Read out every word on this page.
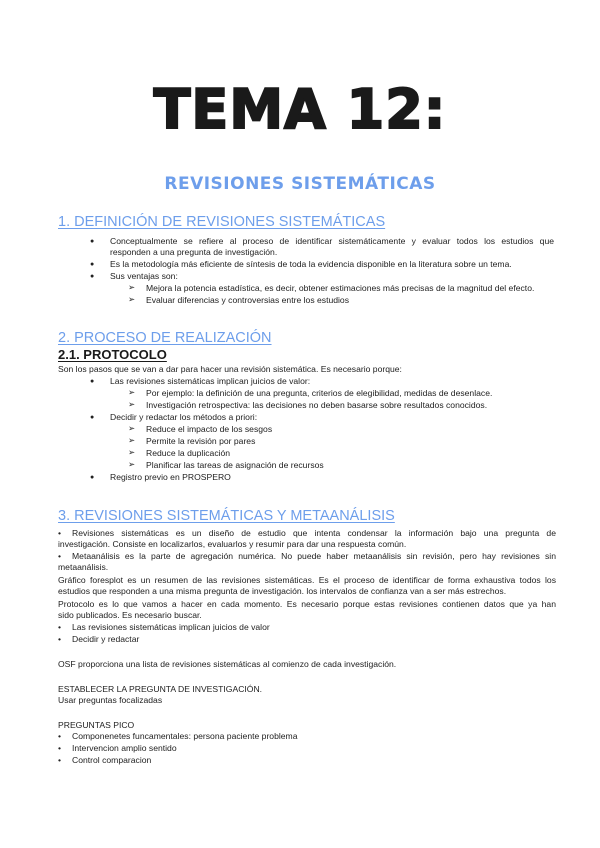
TEMA 12:
REVISIONES SISTEMÁTICAS
1. DEFINICIÓN DE REVISIONES SISTEMÁTICAS
● Conceptualmente se refiere al proceso de identificar sistemáticamente y evaluar todos los estudios que
responden a una pregunta de investigación.
● Es la metodología más eficiente de síntesis de toda la evidencia disponible en la literatura sobre un tema.
● Sus ventajas son:
➢ Mejora la potencia estadística, es decir, obtener estimaciones más precisas de la magnitud del efecto.
➢ Evaluar diferencias y controversias entre los estudios
2. PROCESO DE REALIZACIÓN
2.1. PROTOCOLO
Son los pasos que se van a dar para hacer una revisión sistemática. Es necesario porque:
● Las revisiones sistemáticas implican juicios de valor:
➢ Por ejemplo: la definición de una pregunta, criterios de elegibilidad, medidas de desenlace.
➢ Investigación retrospectiva: las decisiones no deben basarse sobre resultados conocidos.
● Decidir y redactar los métodos a priori:
➢ Reduce el impacto de los sesgos
➢ Permite la revisión por pares
➢ Reduce la duplicación
➢ Planificar las tareas de asignación de recursos
● Registro previo en PROSPERO
3. REVISIONES SISTEMÁTICAS Y METAANÁLISIS
• Revisiones sistemáticas es un diseño de estudio que intenta condensar la información bajo una pregunta de
investigación. Consiste en localizarlos, evaluarlos y resumir para dar una respuesta común.
• Metaanálisis es la parte de agregación numérica. No puede haber metaanálisis sin revisión, pero hay revisiones sin
metaanálisis.
Gráfico foresplot es un resumen de las revisiones sistemáticas. Es el proceso de identificar de forma exhaustiva todos los
estudios que responden a una misma pregunta de investigación. los intervalos de confianza van a ser más estrechos.
Protocolo es lo que vamos a hacer en cada momento. Es necesario porque estas revisiones contienen datos que ya han
sido publicados. Es necesario buscar.
• Las revisiones sistemáticas implican juicios de valor
• Decidir y redactar
OSF proporciona una lista de revisiones sistemáticas al comienzo de cada investigación.
ESTABLECER LA PREGUNTA DE INVESTIGACIÓN.
Usar preguntas focalizadas
PREGUNTAS PICO
• Componenetes funcamentales: persona paciente problema
• Intervencion amplio sentido
• Control comparacion
